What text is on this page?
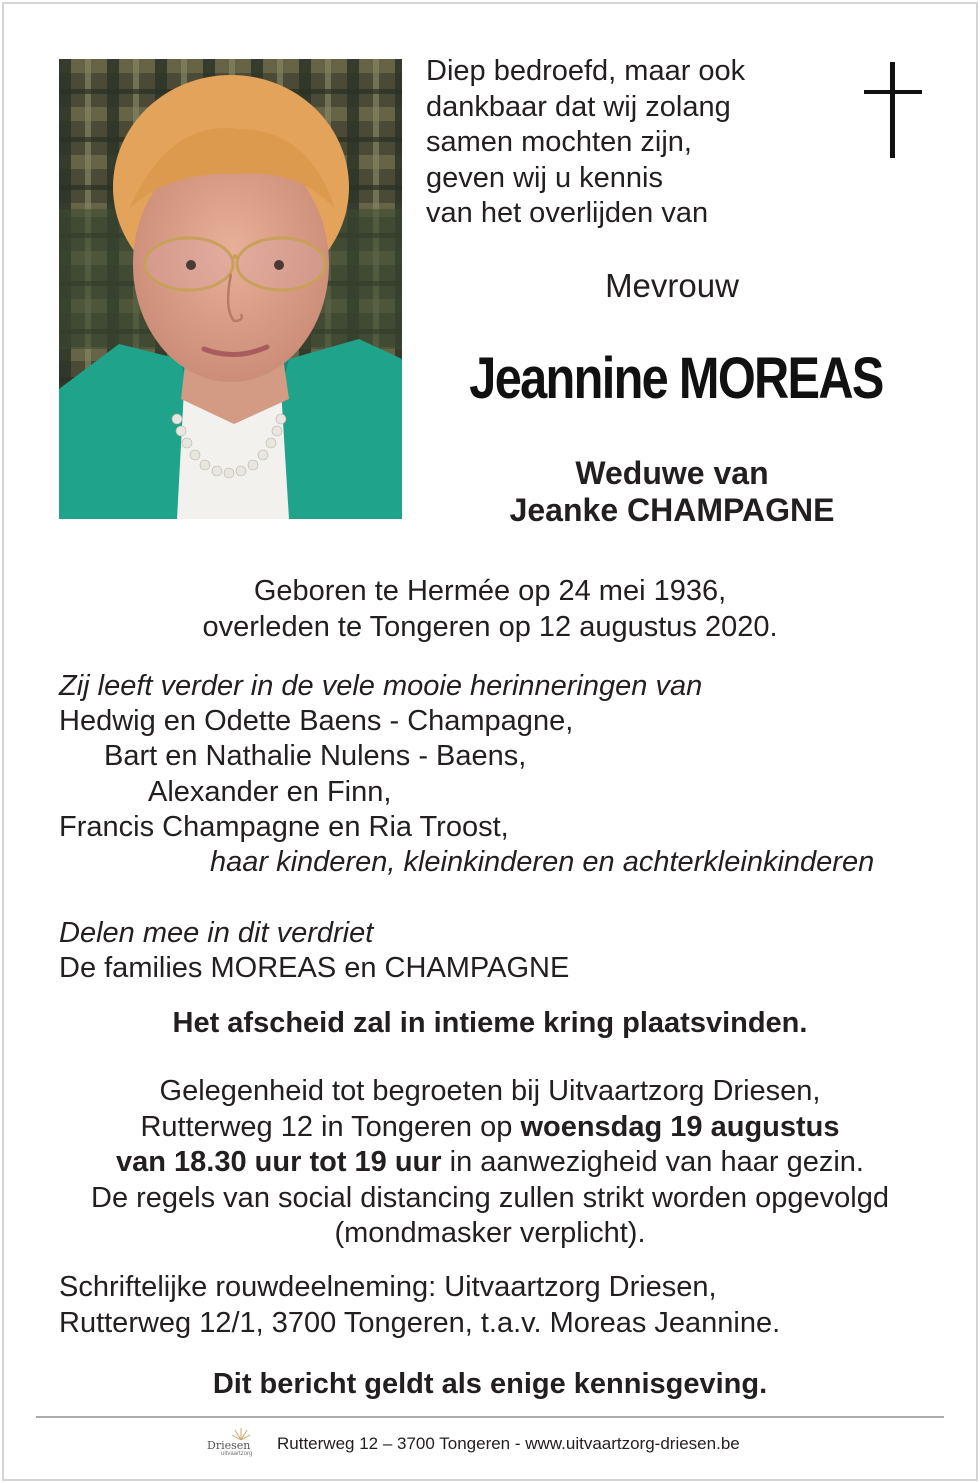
Diep bedroefd, maar ook
dankbaar dat wij zolang
samen mochten zijn,
geven wij u kennis
van het overlijden van
Mevrouw
Jeannine MOREAS
Weduwe van
Jeanke CHAMPAGNE
Geboren te Hermée op 24 mei 1936,
overleden te Tongeren op 12 augustus 2020.
Zij leeft verder in de vele mooie herinneringen van
Hedwig en Odette Baens - Champagne,
Bart en Nathalie Nulens - Baens,
Alexander en Finn,
Francis Champagne en Ria Troost,
haar kinderen, kleinkinderen en achterkleinkinderen
Delen mee in dit verdriet
De families MOREAS en CHAMPAGNE
Het afscheid zal in intieme kring plaatsvinden.
Gelegenheid tot begroeten bij Uitvaartzorg Driesen,
Rutterweg 12 in Tongeren op woensdag 19 augustus
van 18.30 uur tot 19 uur in aanwezigheid van haar gezin.
De regels van social distancing zullen strikt worden opgevolgd
(mondmasker verplicht).
Schriftelijke rouwdeelneming: Uitvaartzorg Driesen,
Rutterweg 12/1, 3700 Tongeren, t.a.v. Moreas Jeannine.
Dit bericht geldt als enige kennisgeving.
Driesen
uitvaartzorg
Rutterweg 12 – 3700 Tongeren - www.uitvaartzorg-driesen.be
